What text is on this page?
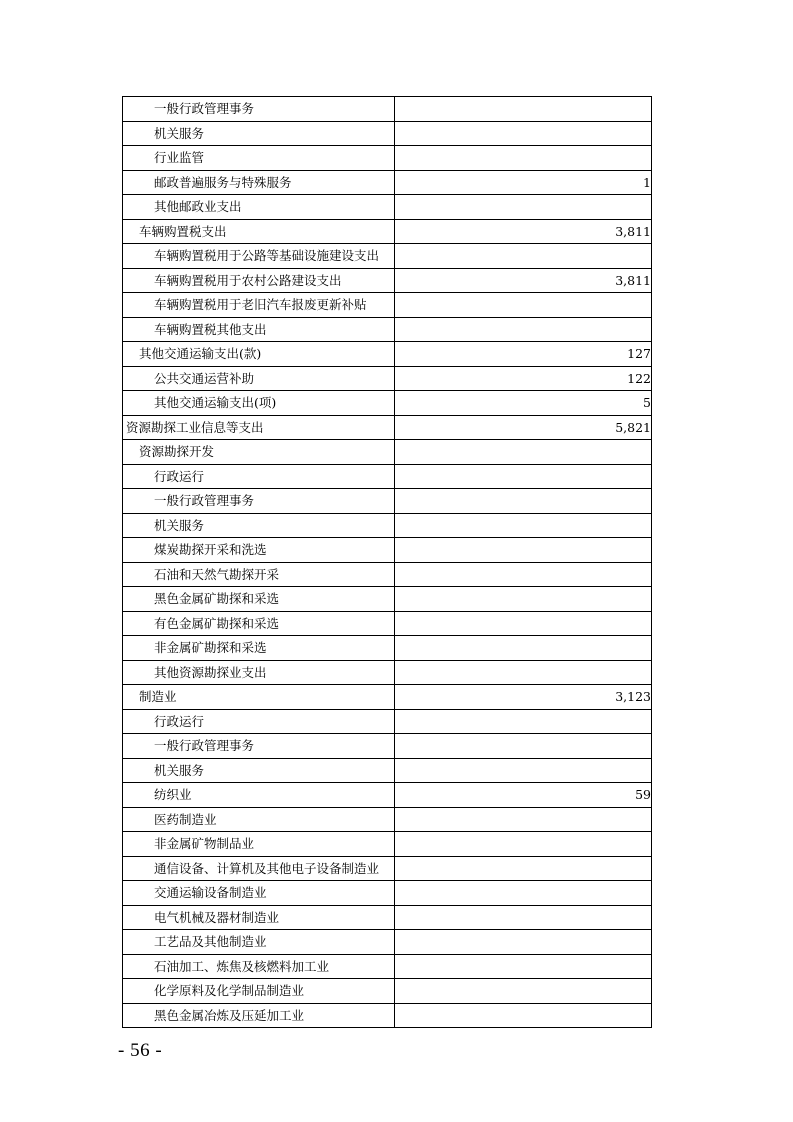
一般行政管理事务	
机关服务	
行业监管	
邮政普遍服务与特殊服务	1
其他邮政业支出	
车辆购置税支出	3,811
车辆购置税用于公路等基础设施建设支出	
车辆购置税用于农村公路建设支出	3,811
车辆购置税用于老旧汽车报废更新补贴	
车辆购置税其他支出	
其他交通运输支出(款)	127
公共交通运营补助	122
其他交通运输支出(项)	5
资源勘探工业信息等支出	5,821
资源勘探开发	
行政运行	
一般行政管理事务	
机关服务	
煤炭勘探开采和洗选	
石油和天然气勘探开采	
黑色金属矿勘探和采选	
有色金属矿勘探和采选	
非金属矿勘探和采选	
其他资源勘探业支出	
制造业	3,123
行政运行	
一般行政管理事务	
机关服务	
纺织业	59
医药制造业	
非金属矿物制品业	
通信设备、计算机及其他电子设备制造业	
交通运输设备制造业	
电气机械及器材制造业	
工艺品及其他制造业	
石油加工、炼焦及核燃料加工业	
化学原料及化学制品制造业	
黑色金属冶炼及压延加工业	
- 56 -
